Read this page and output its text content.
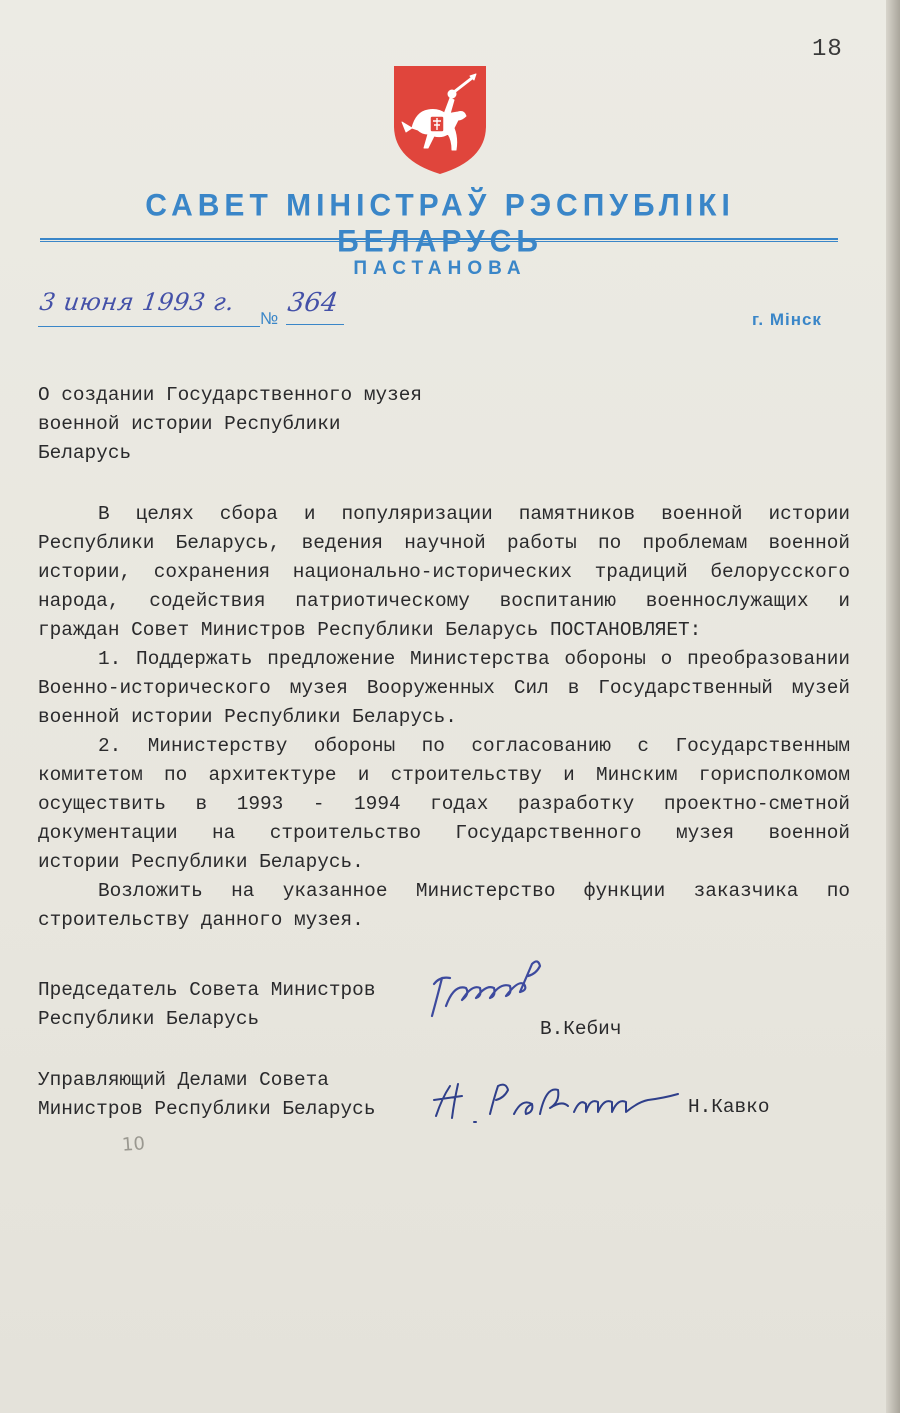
18
САВЕТ МІНІСТРАЎ РЭСПУБЛІКІ БЕЛАРУСЬ
ПАСТАНОВА
3 июня 1993 г.
№
364
г. Мінск
О создании Государственного музея
военной истории Республики
Беларусь
В целях сбора и популяризации памятников военной истории
Республики Беларусь, ведения научной работы по проблемам военной
истории, сохранения национально-исторических традиций белорусского
народа, содействия патриотическому воспитанию военнослужащих и
граждан Совет Министров Республики Беларусь ПОСТАНОВЛЯЕТ:
1. Поддержать предложение Министерства обороны о преобразовании
Военно-исторического музея Вооруженных Сил в Государственный музей
военной истории Республики Беларусь.
2. Министерству обороны по согласованию с Государственным
комитетом по архитектуре и строительству и Минским горисполкомом
осуществить в 1993 - 1994 годах разработку проектно-сметной
документации на строительство Государственного музея военной
истории Республики Беларусь.
Возложить на указанное Министерство функции заказчика по
строительству данного музея.
Председатель Совета Министров
Республики Беларусь	В.Кебич
Управляющий Делами Совета
Министров Республики Беларусь	Н.Кавко
10
